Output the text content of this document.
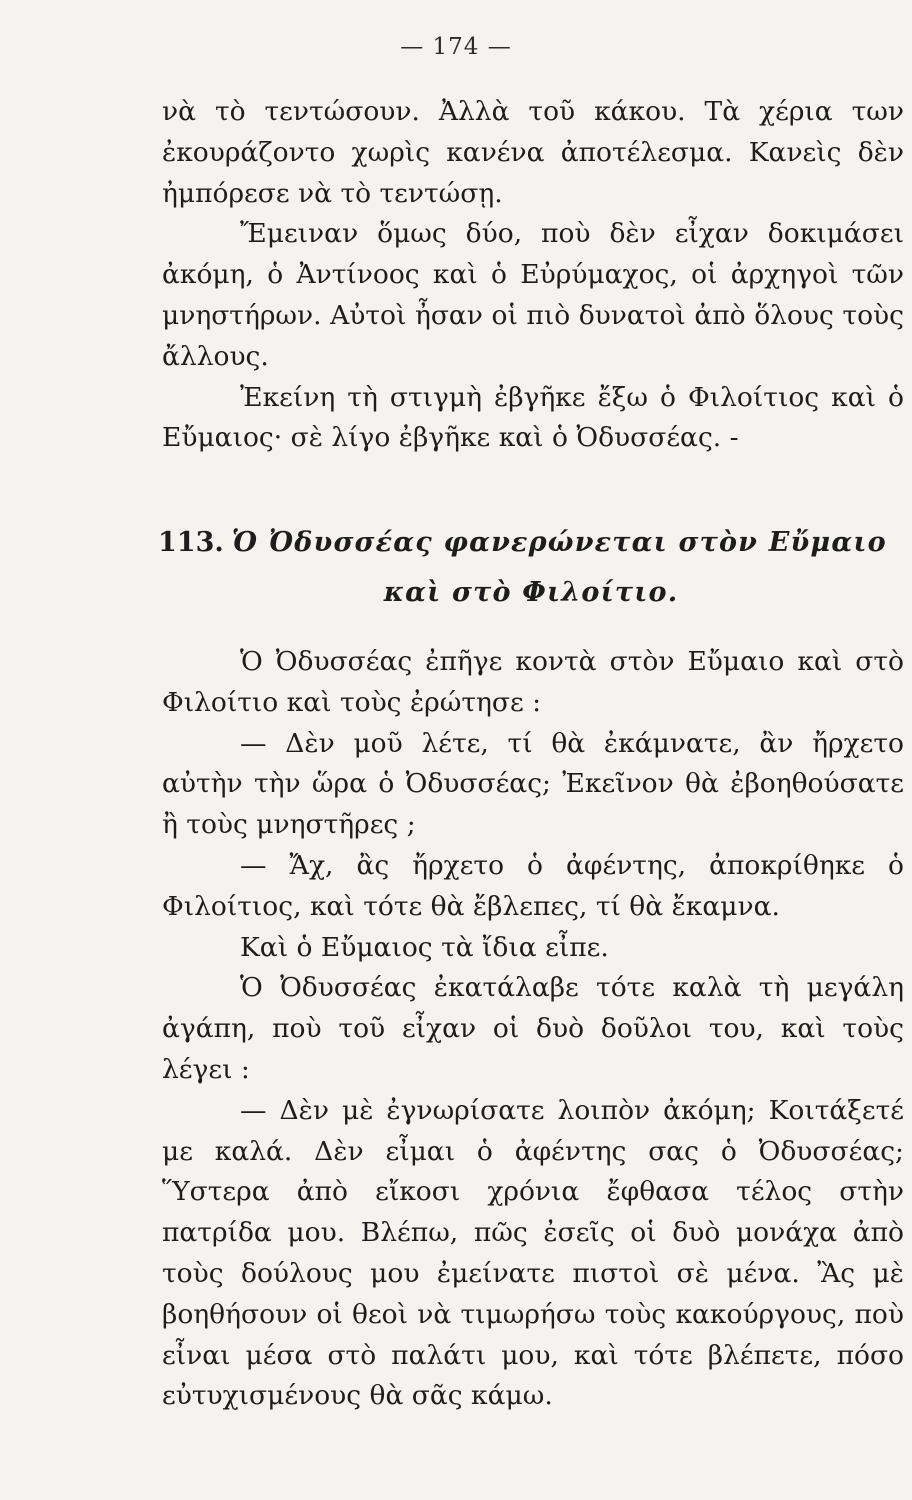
— 174 —

νὰ τὸ τεντώσουν. Ἀλλὰ τοῦ κάκου. Τὰ χέρια των ἐκουράζοντο χωρὶς κανένα ἀποτέλεσμα. Κανεὶς δὲν ἠμπόρεσε νὰ τὸ τεντώσῃ.

Ἔμειναν ὅμως δύο, ποὺ δὲν εἶχαν δοκιμάσει ἀκόμη, ὁ Ἀντίνοος καὶ ὁ Εὐρύμαχος, οἱ ἀρχηγοὶ τῶν μνηστήρων. Αὐτοὶ ἦσαν οἱ πιὸ δυνατοὶ ἀπὸ ὅλους τοὺς ἄλλους.

Ἐκείνη τὴ στιγμὴ ἐβγῆκε ἔξω ὁ Φιλοίτιος καὶ ὁ Εὔμαιος· σὲ λίγο ἐβγῆκε καὶ ὁ Ὀδυσσέας. -

113. Ὁ Ὀδυσσέας φανερώνεται στὸν Εὔμαιο
καὶ στὸ Φιλοίτιο.

Ὁ Ὀδυσσέας ἐπῆγε κοντὰ στὸν Εὔμαιο καὶ στὸ Φιλοίτιο καὶ τοὺς ἐρώτησε :

— Δὲν μοῦ λέτε, τί θὰ ἐκάμνατε, ἂν ἤρχετο αὐτὴν τὴν ὥρα ὁ Ὀδυσσέας; Ἐκεῖνον θὰ ἐβοηθούσατε ἢ τοὺς μνηστῆρες ;

— Ἄχ, ἂς ἤρχετο ὁ ἀφέντης, ἀποκρίθηκε ὁ Φιλοίτιος, καὶ τότε θὰ ἔβλεπες, τί θὰ ἔκαμνα.

Καὶ ὁ Εὔμαιος τὰ ἴδια εἶπε.

Ὁ Ὀδυσσέας ἐκατάλαβε τότε καλὰ τὴ μεγάλη ἀγάπη, ποὺ τοῦ εἶχαν οἱ δυὸ δοῦλοι του, καὶ τοὺς λέγει :

— Δὲν μὲ ἐγνωρίσατε λοιπὸν ἀκόμη; Κοιτάξετέ με καλά. Δὲν εἶμαι ὁ ἀφέντης σας ὁ Ὀδυσσέας; Ὕστερα ἀπὸ εἴκοσι χρόνια ἔφθασα τέλος στὴν πατρίδα μου. Βλέπω, πῶς ἐσεῖς οἱ δυὸ μονάχα ἀπὸ τοὺς δούλους μου ἐμείνατε πιστοὶ σὲ μένα. Ἂς μὲ βοηθήσουν οἱ θεοὶ νὰ τιμωρήσω τοὺς κακούργους, ποὺ εἶναι μέσα στὸ παλάτι μου, καὶ τότε βλέπετε, πόσο εὐτυχισμένους θὰ σᾶς κάμω.
